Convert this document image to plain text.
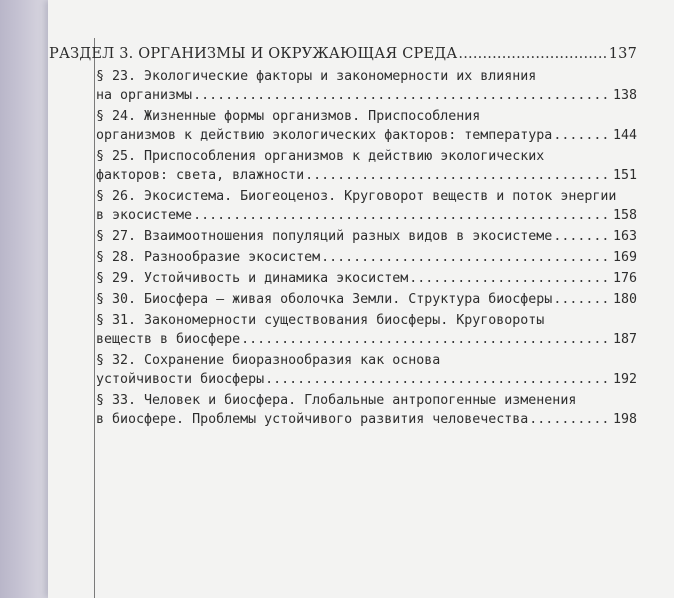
РАЗДЕЛ 3. ОРГАНИЗМЫ И ОКРУЖАЮЩАЯ СРЕДА .....	137
§ 23. Экологические факторы и закономерности их влияния
на организмы .....	138
§ 24. Жизненные формы организмов. Приспособления
организмов к действию экологических факторов: температура .....	144
§ 25. Приспособления организмов к действию экологических
факторов: света, влажности .....	151
§ 26. Экосистема. Биогеоценоз. Круговорот веществ и поток энергии
в экосистеме .....	158
§ 27. Взаимоотношения популяций разных видов в экосистеме .....	163
§ 28. Разнообразие экосистем .....	169
§ 29. Устойчивость и динамика экосистем .....	176
§ 30. Биосфера — живая оболочка Земли. Структура биосферы .....	180
§ 31. Закономерности существования биосферы. Круговороты
веществ в биосфере .....	187
§ 32. Сохранение биоразнообразия как основа
устойчивости биосферы .....	192
§ 33. Человек и биосфера. Глобальные антропогенные изменения
в биосфере. Проблемы устойчивого развития человечества .....	198
